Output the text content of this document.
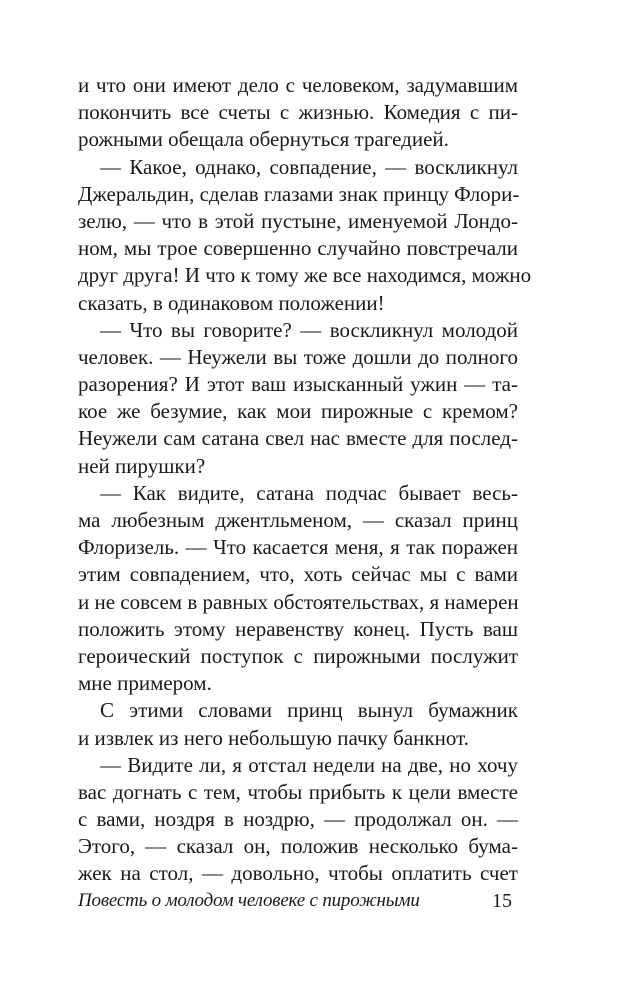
и что они имеют дело с человеком, задумавшим
покончить все счеты с жизнью. Комедия с пи-
рожными обещала обернуться трагедией.
— Какое, однако, совпадение, — воскликнул
Джеральдин, сделав глазами знак принцу Флори-
зелю, — что в этой пустыне, именуемой Лондо-
ном, мы трое совершенно случайно повстречали
друг друга! И что к тому же все находимся, можно
сказать, в одинаковом положении!
— Что вы говорите? — воскликнул молодой
человек. — Неужели вы тоже дошли до полного
разорения? И этот ваш изысканный ужин — та-
кое же безумие, как мои пирожные с кремом?
Неужели сам сатана свел нас вместе для послед-
ней пирушки?
— Как видите, сатана подчас бывает весь-
ма любезным джентльменом, — сказал принц
Флоризель. — Что касается меня, я так поражен
этим совпадением, что, хоть сейчас мы с вами
и не совсем в равных обстоятельствах, я намерен
положить этому неравенству конец. Пусть ваш
героический поступок с пирожными послужит
мне примером.
С этими словами принц вынул бумажник
и извлек из него небольшую пачку банкнот.
— Видите ли, я отстал недели на две, но хочу
вас догнать с тем, чтобы прибыть к цели вместе
с вами, ноздря в ноздрю, — продолжал он. —
Этого, — сказал он, положив несколько бума-
жек на стол, — довольно, чтобы оплатить счет
Повесть о молодом человеке с пирожными	15
